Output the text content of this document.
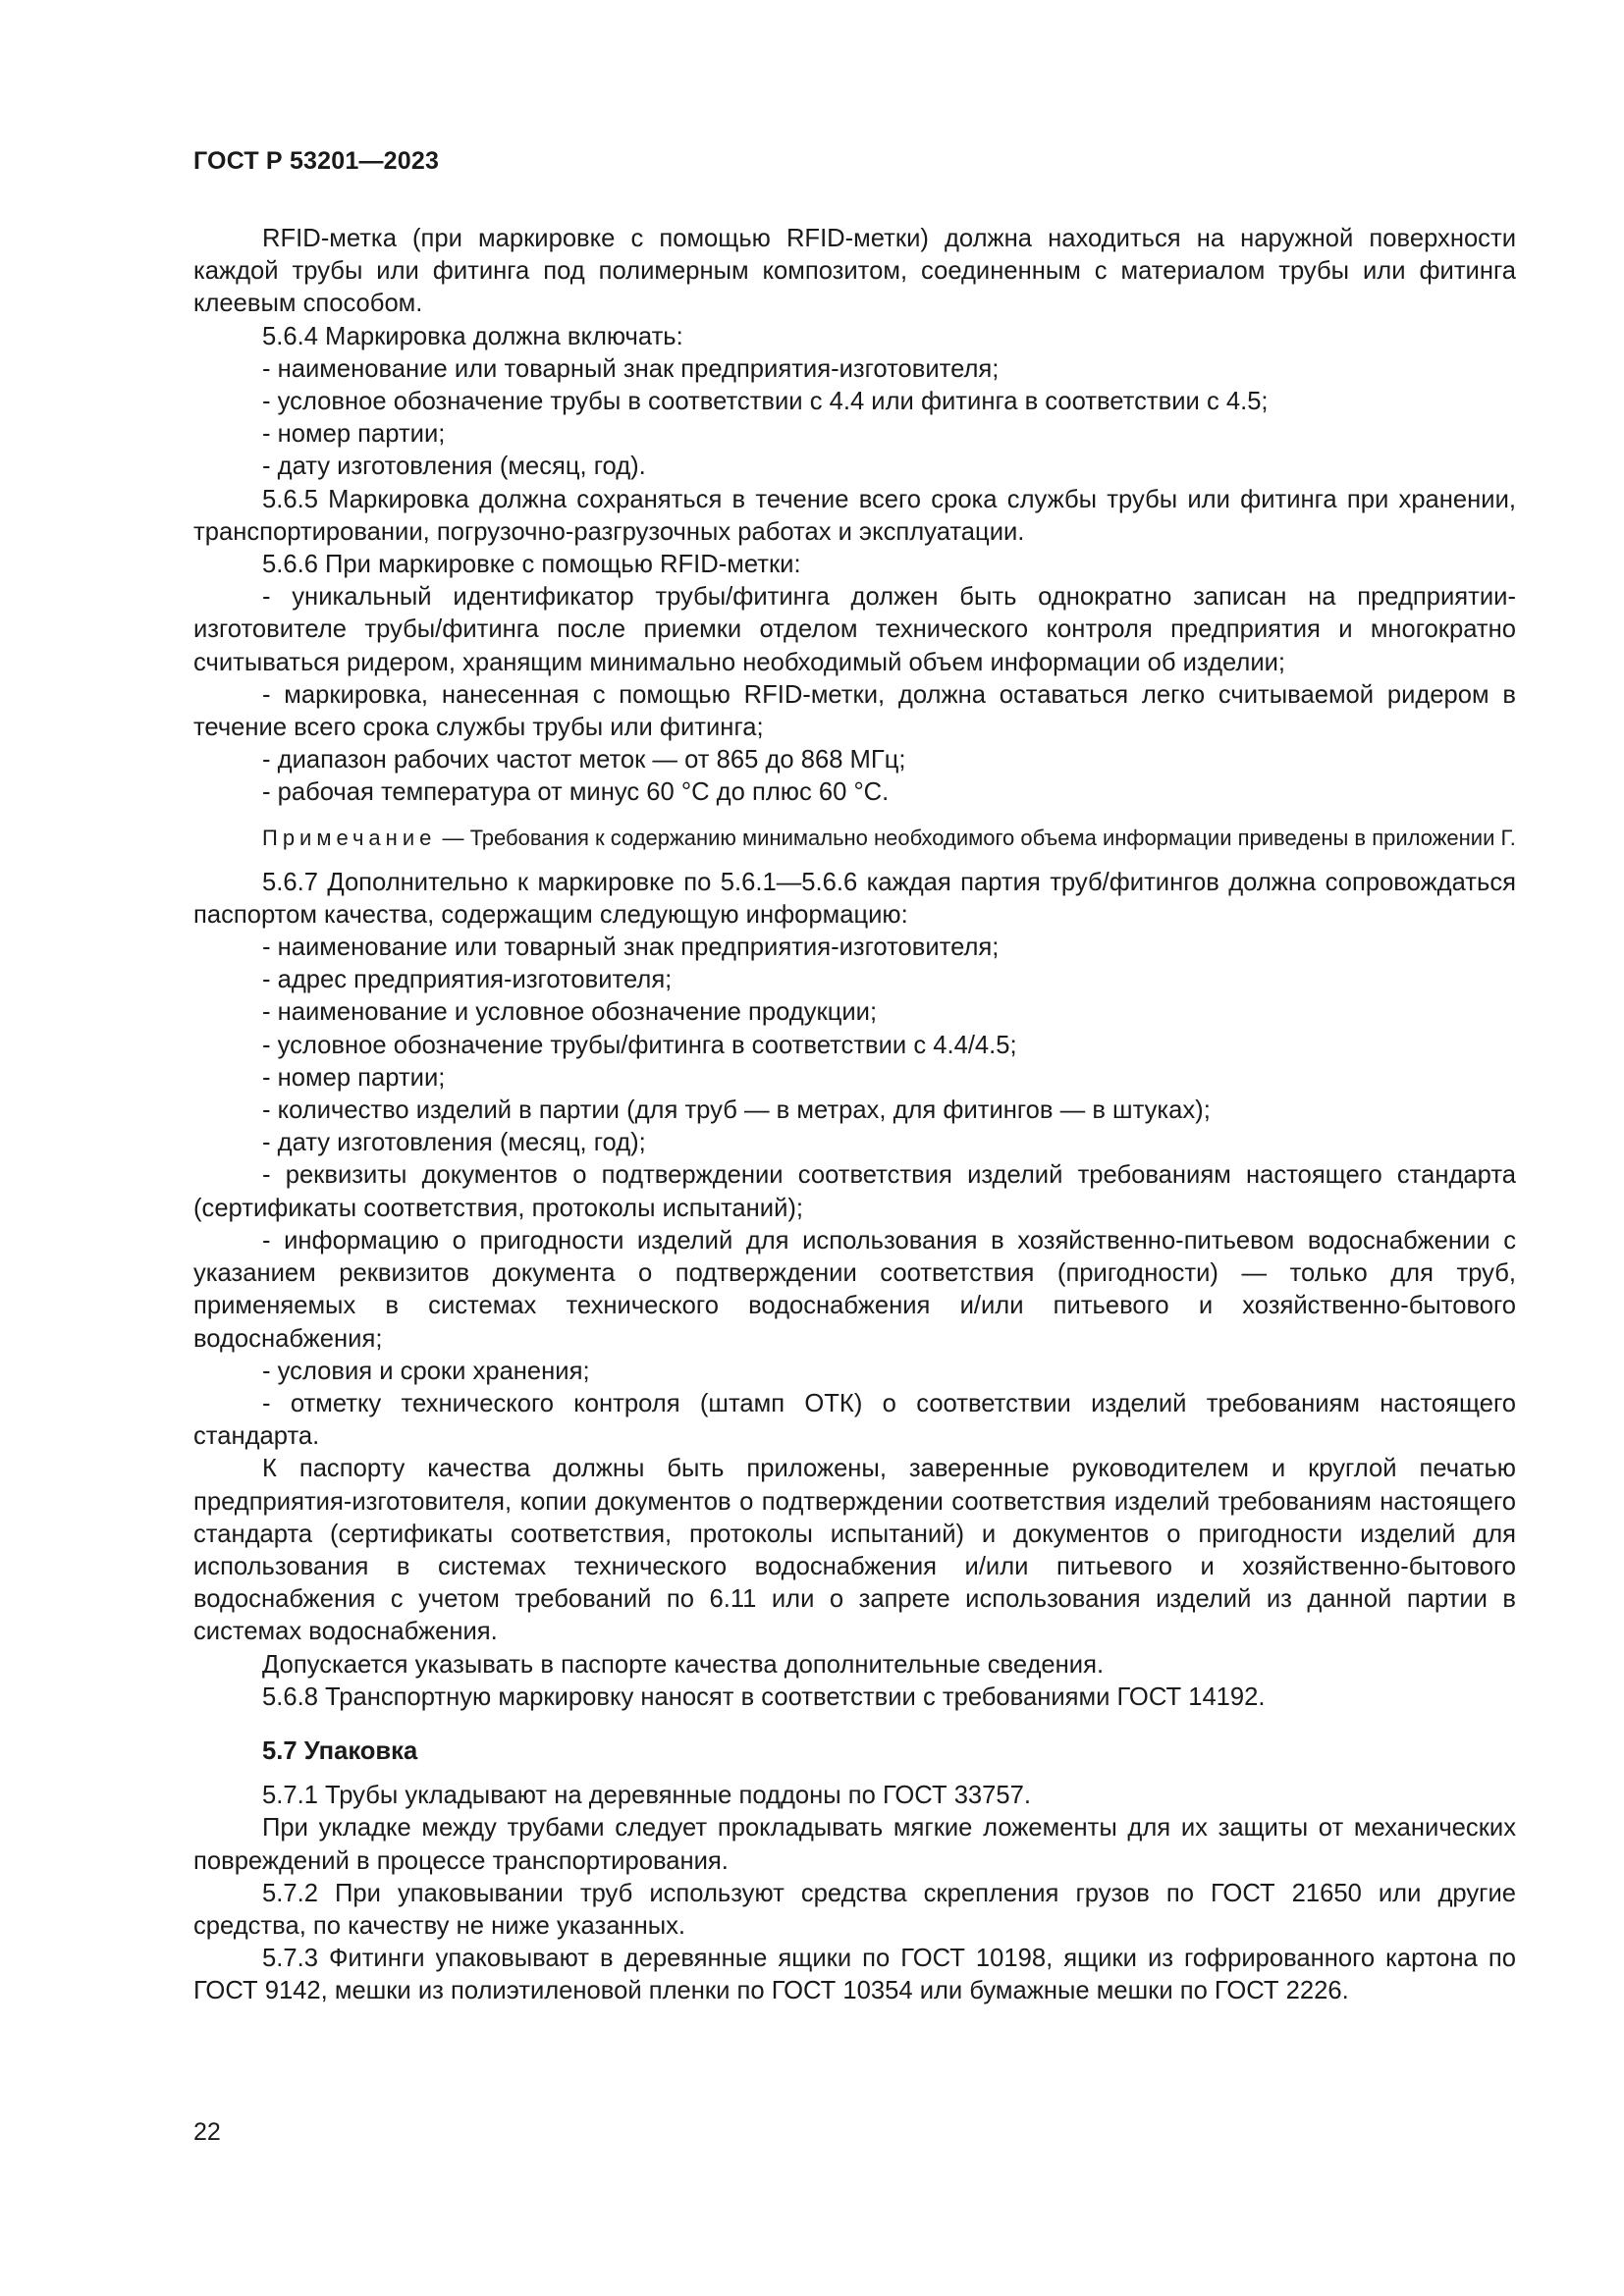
ГОСТ Р 53201—2023

RFID-метка (при маркировке с помощью RFID-метки) должна находиться на наружной поверхности каждой трубы или фитинга под полимерным композитом, соединенным с материалом трубы или фитинга клеевым способом.

5.6.4 Маркировка должна включать:

- наименование или товарный знак предприятия-изготовителя;

- условное обозначение трубы в соответствии с 4.4 или фитинга в соответствии с 4.5;

- номер партии;

- дату изготовления (месяц, год).

5.6.5 Маркировка должна сохраняться в течение всего срока службы трубы или фитинга при хранении, транспортировании, погрузочно-разгрузочных работах и эксплуатации.

5.6.6 При маркировке с помощью RFID-метки:

- уникальный идентификатор трубы/фитинга должен быть однократно записан на предприятии-изготовителе трубы/фитинга после приемки отделом технического контроля предприятия и многократно считываться ридером, хранящим минимально необходимый объем информации об изделии;

- маркировка, нанесенная с помощью RFID-метки, должна оставаться легко считываемой ридером в течение всего срока службы трубы или фитинга;

- диапазон рабочих частот меток — от 865 до 868 МГц;

- рабочая температура от минус 60 °С до плюс 60 °С.

Примечание — Требования к содержанию минимально необходимого объема информации приведены в приложении Г.

5.6.7 Дополнительно к маркировке по 5.6.1—5.6.6 каждая партия труб/фитингов должна сопровождаться паспортом качества, содержащим следующую информацию:

- наименование или товарный знак предприятия-изготовителя;

- адрес предприятия-изготовителя;

- наименование и условное обозначение продукции;

- условное обозначение трубы/фитинга в соответствии с 4.4/4.5;

- номер партии;

- количество изделий в партии (для труб — в метрах, для фитингов — в штуках);

- дату изготовления (месяц, год);

- реквизиты документов о подтверждении соответствия изделий требованиям настоящего стандарта (сертификаты соответствия, протоколы испытаний);

- информацию о пригодности изделий для использования в хозяйственно-питьевом водоснабжении с указанием реквизитов документа о подтверждении соответствия (пригодности) — только для труб, применяемых в системах технического водоснабжения и/или питьевого и хозяйственно-бытового водоснабжения;

- условия и сроки хранения;

- отметку технического контроля (штамп ОТК) о соответствии изделий требованиям настоящего стандарта.

К паспорту качества должны быть приложены, заверенные руководителем и круглой печатью предприятия-изготовителя, копии документов о подтверждении соответствия изделий требованиям настоящего стандарта (сертификаты соответствия, протоколы испытаний) и документов о пригодности изделий для использования в системах технического водоснабжения и/или питьевого и хозяйственно-бытового водоснабжения с учетом требований по 6.11 или о запрете использования изделий из данной партии в системах водоснабжения.

Допускается указывать в паспорте качества дополнительные сведения.

5.6.8 Транспортную маркировку наносят в соответствии с требованиями ГОСТ 14192.

5.7 Упаковка

5.7.1 Трубы укладывают на деревянные поддоны по ГОСТ 33757.

При укладке между трубами следует прокладывать мягкие ложементы для их защиты от механических повреждений в процессе транспортирования.

5.7.2 При упаковывании труб используют средства скрепления грузов по ГОСТ 21650 или другие средства, по качеству не ниже указанных.

5.7.3 Фитинги упаковывают в деревянные ящики по ГОСТ 10198, ящики из гофрированного картона по ГОСТ 9142, мешки из полиэтиленовой пленки по ГОСТ 10354 или бумажные мешки по ГОСТ 2226.

22
